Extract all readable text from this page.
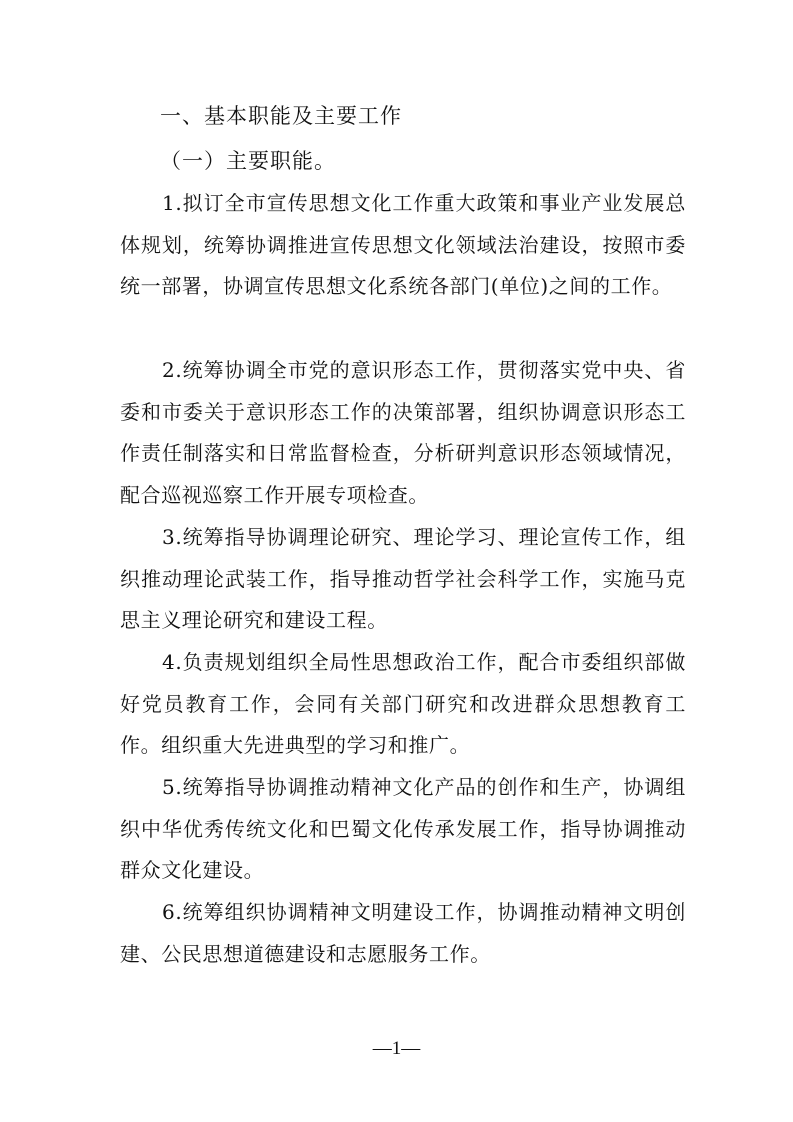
一、基本职能及主要工作
（一）主要职能。
1.拟订全市宣传思想文化工作重大政策和事业产业发展总体规划，统筹协调推进宣传思想文化领域法治建设，按照市委统一部署，协调宣传思想文化系统各部门(单位)之间的工作。
2.统筹协调全市党的意识形态工作，贯彻落实党中央、省委和市委关于意识形态工作的决策部署，组织协调意识形态工作责任制落实和日常监督检查，分析研判意识形态领域情况，配合巡视巡察工作开展专项检查。
3.统筹指导协调理论研究、理论学习、理论宣传工作，组织推动理论武装工作，指导推动哲学社会科学工作，实施马克思主义理论研究和建设工程。
4.负责规划组织全局性思想政治工作，配合市委组织部做好党员教育工作，会同有关部门研究和改进群众思想教育工作。组织重大先进典型的学习和推广。
5.统筹指导协调推动精神文化产品的创作和生产，协调组织中华优秀传统文化和巴蜀文化传承发展工作，指导协调推动群众文化建设。
6.统筹组织协调精神文明建设工作，协调推动精神文明创建、公民思想道德建设和志愿服务工作。
—1—
